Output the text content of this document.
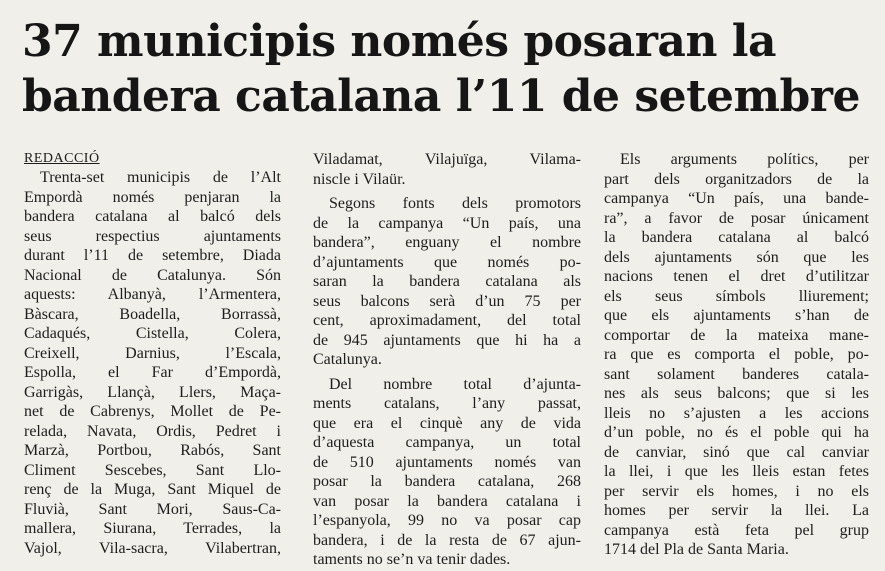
37 municipis només posaran la
bandera catalana l’11 de setembre
REDACCIÓ
Trenta-set municipis de l’Alt
Empordà només penjaran la
bandera catalana al balcó dels
seus respectius ajuntaments
durant l’11 de setembre, Diada
Nacional de Catalunya. Són
aquests: Albanyà, l’Armentera,
Bàscara, Boadella, Borrassà,
Cadaqués, Cistella, Colera,
Creixell, Darnius, l’Escala,
Espolla, el Far d’Empordà,
Garrigàs, Llançà, Llers, Maça-
net de Cabrenys, Mollet de Pe-
relada, Navata, Ordis, Pedret i
Marzà, Portbou, Rabós, Sant
Climent Sescebes, Sant Llo-
renç de la Muga, Sant Miquel de
Fluvià, Sant Mori, Saus-Ca-
mallera, Siurana, Terrades, la
Vajol, Vila-sacra, Vilabertran,
Viladamat, Vilajuïga, Vilama-
niscle i Vilaür.
Segons fonts dels promotors
de la campanya “Un país, una
bandera”, enguany el nombre
d’ajuntaments que només po-
saran la bandera catalana als
seus balcons serà d’un 75 per
cent, aproximadament, del total
de 945 ajuntaments que hi ha a
Catalunya.
Del nombre total d’ajunta-
ments catalans, l’any passat,
que era el cinquè any de vida
d’aquesta campanya, un total
de 510 ajuntaments només van
posar la bandera catalana, 268
van posar la bandera catalana i
l’espanyola, 99 no va posar cap
bandera, i de la resta de 67 ajun-
taments no se’n va tenir dades.
Els arguments polítics, per
part dels organitzadors de la
campanya “Un país, una bande-
ra”, a favor de posar únicament
la bandera catalana al balcó
dels ajuntaments són que les
nacions tenen el dret d’utilitzar
els seus símbols lliurement;
que els ajuntaments s’han de
comportar de la mateixa mane-
ra que es comporta el poble, po-
sant solament banderes catala-
nes als seus balcons; que si les
lleis no s’ajusten a les accions
d’un poble, no és el poble qui ha
de canviar, sinó que cal canviar
la llei, i que les lleis estan fetes
per servir els homes, i no els
homes per servir la llei. La
campanya està feta pel grup
1714 del Pla de Santa Maria.
